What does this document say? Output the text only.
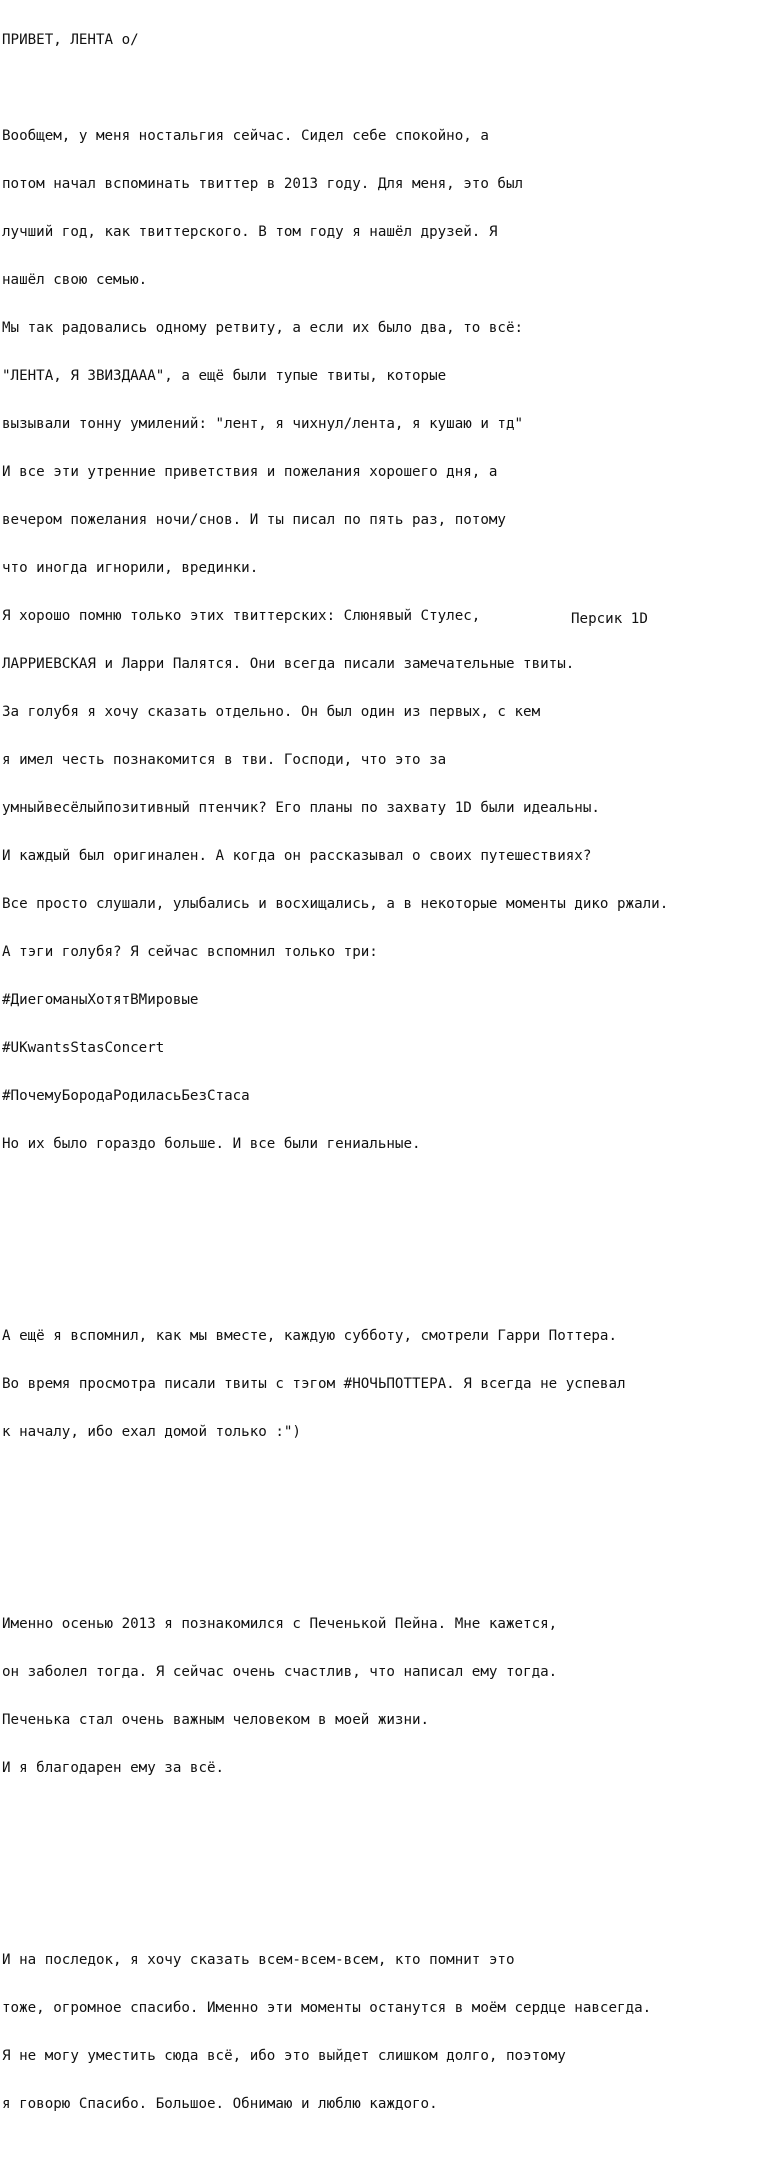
ПРИВЕТ, ЛЕНТА о/

Вообщем, у меня ностальгия сейчас. Сидел себе спокойно, а

потом начал вспоминать твиттер в 2013 году. Для меня, это был

лучший год, как твиттерского. В том году я нашёл друзей. Я

нашёл свою семью.

Мы так радовались одному ретвиту, а если их было два, то всё:

"ЛЕНТА, Я ЗВИЗДААА", а ещё были тупые твиты, которые

вызывали тонну умилений: "лент, я чихнул/лента, я кушаю и тд"

И все эти утренние приветствия и пожелания хорошего дня, а

вечером пожелания ночи/снов. И ты писал по пять раз, потому

что иногда игнорили, врединки.

Я хорошо помню только этих твиттерских: Слюнявый Стулес,

ЛАРРИЕВСКАЯ и Ларри Палятся. Они всегда писали замечательные твиты.

За голубя я хочу сказать отдельно. Он был один из первых, с кем

я имел честь познакомится в тви. Господи, что это за

умныйвесёлыйпозитивный птенчик? Его планы по захвату 1D были идеальны.

И каждый был оригинален. А когда он рассказывал о своих путешествиях?

Все просто слушали, улыбались и восхищались, а в некоторые моменты дико ржали.

А тэги голубя? Я сейчас вспомнил только три:

#ДиегоманыХотятВМировые

#UKwantsStasConcert

#ПочемуБородаРодиласьБезСтаса

Но их было гораздо больше. И все были гениальные.

А ещё я вспомнил, как мы вместе, каждую субботу, смотрели Гарри Поттера.

Во время просмотра писали твиты с тэгом #НОЧЬПОТТЕРА. Я всегда не успевал

к началу, ибо ехал домой только :")

Именно осенью 2013 я познакомился с Печенькой Пейна. Мне кажется,

он заболел тогда. Я сейчас очень счастлив, что написал ему тогда.

Печенька стал очень важным человеком в моей жизни.

И я благодарен ему за всё.

И на последок, я хочу сказать всем-всем-всем, кто помнит это

тоже, огромное спасибо. Именно эти моменты останутся в моём сердце навсегда.

Я не могу уместить сюда всё, ибо это выйдет слишком долго, поэтому

я говорю Спасибо. Большое. Обнимаю и люблю каждого.

Персик 1D
